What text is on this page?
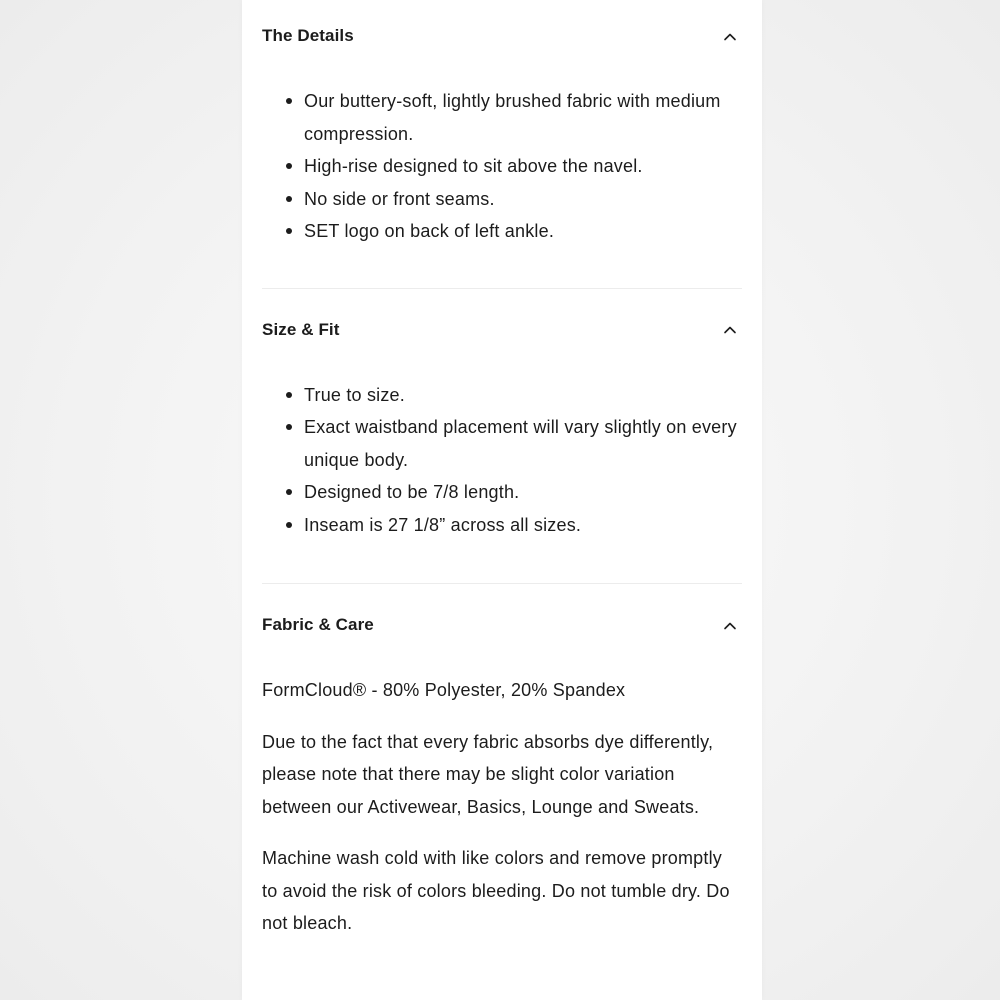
The Details
Our buttery-soft, lightly brushed fabric with medium compression.
High-rise designed to sit above the navel.
No side or front seams.
SET logo on back of left ankle.
Size & Fit
True to size.
Exact waistband placement will vary slightly on every unique body.
Designed to be 7/8 length.
Inseam is 27 1/8” across all sizes.
Fabric & Care

FormCloud® - 80% Polyester, 20% Spandex

Due to the fact that every fabric absorbs dye differently, please note that there may be slight color variation between our Activewear, Basics, Lounge and Sweats.

Machine wash cold with like colors and remove promptly to avoid the risk of colors bleeding. Do not tumble dry. Do not bleach.
